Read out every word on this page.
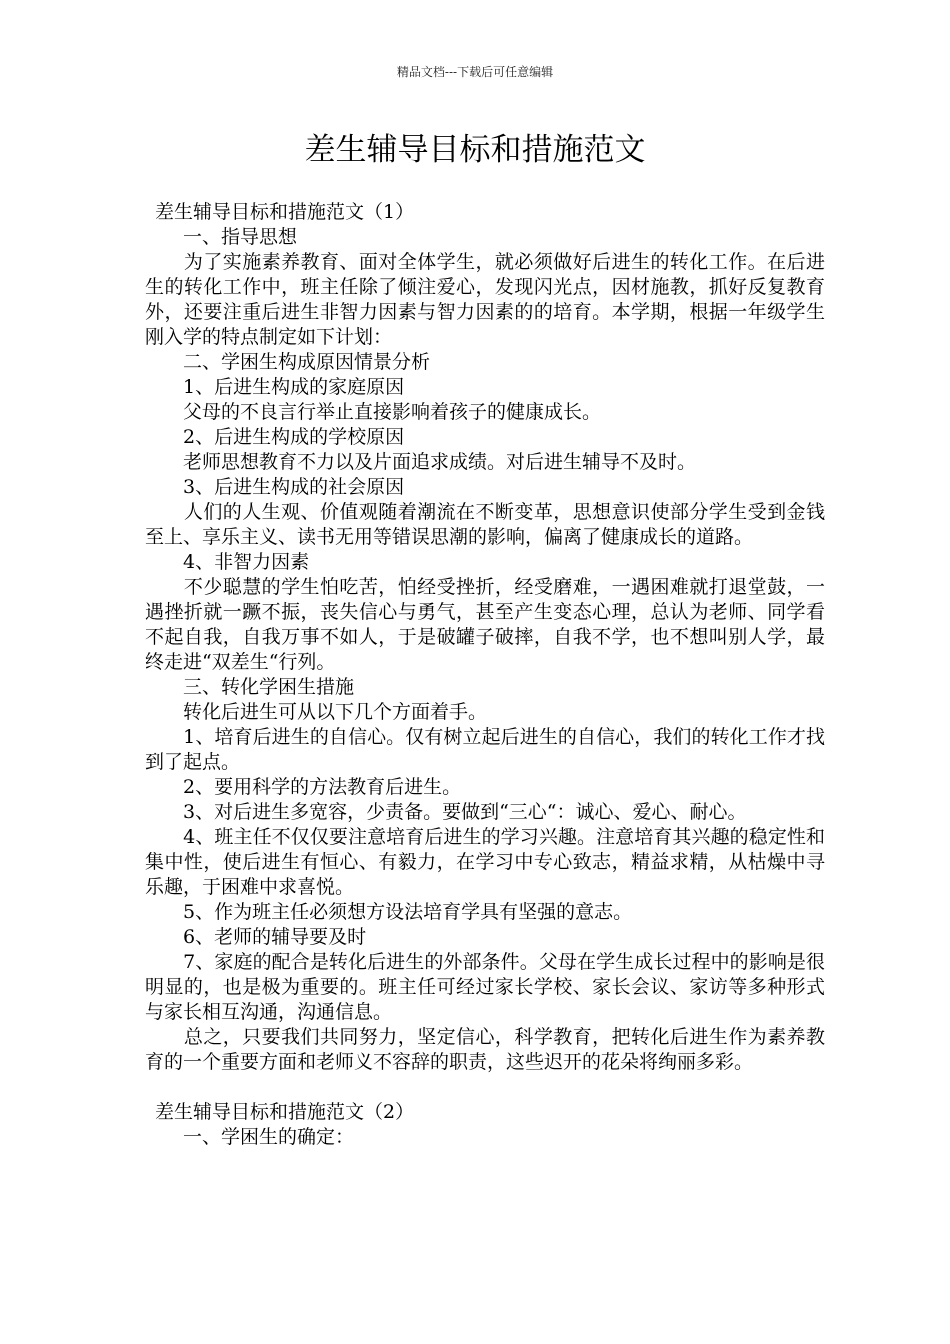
精品文档---下载后可任意编辑
差生辅导目标和措施范文

差生辅导目标和措施范文（1）

　　一、指导思想

　　为了实施素养教育、面对全体学生，就必须做好后进生的转化工作。在后进生的转化工作中，班主任除了倾注爱心，发现闪光点，因材施教，抓好反复教育外，还要注重后进生非智力因素与智力因素的的培育。本学期，根据一年级学生刚入学的特点制定如下计划：

　　二、学困生构成原因情景分析

　　1、后进生构成的家庭原因

　　父母的不良言行举止直接影响着孩子的健康成长。

　　2、后进生构成的学校原因

　　老师思想教育不力以及片面追求成绩。对后进生辅导不及时。

　　3、后进生构成的社会原因

　　人们的人生观、价值观随着潮流在不断变革，思想意识使部分学生受到金钱至上、享乐主义、读书无用等错误思潮的影响，偏离了健康成长的道路。

　　4、非智力因素

　　不少聪慧的学生怕吃苦，怕经受挫折，经受磨难，一遇困难就打退堂鼓，一遇挫折就一蹶不振，丧失信心与勇气，甚至产生变态心理，总认为老师、同学看不起自我，自我万事不如人，于是破罐子破摔，自我不学，也不想叫别人学，最终走进“双差生“行列。

　　三、转化学困生措施

　　转化后进生可从以下几个方面着手。

　　1、培育后进生的自信心。仅有树立起后进生的自信心，我们的转化工作才找到了起点。

　　2、要用科学的方法教育后进生。

　　3、对后进生多宽容，少责备。要做到“三心“：诚心、爱心、耐心。

　　4、班主任不仅仅要注意培育后进生的学习兴趣。注意培育其兴趣的稳定性和集中性，使后进生有恒心、有毅力，在学习中专心致志，精益求精，从枯燥中寻乐趣，于困难中求喜悦。

　　5、作为班主任必须想方设法培育学具有坚强的意志。

　　6、老师的辅导要及时

　　7、家庭的配合是转化后进生的外部条件。父母在学生成长过程中的影响是很明显的，也是极为重要的。班主任可经过家长学校、家长会议、家访等多种形式与家长相互沟通，沟通信息。

　　总之，只要我们共同努力，坚定信心，科学教育，把转化后进生作为素养教育的一个重要方面和老师义不容辞的职责，这些迟开的花朵将绚丽多彩。

差生辅导目标和措施范文（2）

　　一、学困生的确定：
